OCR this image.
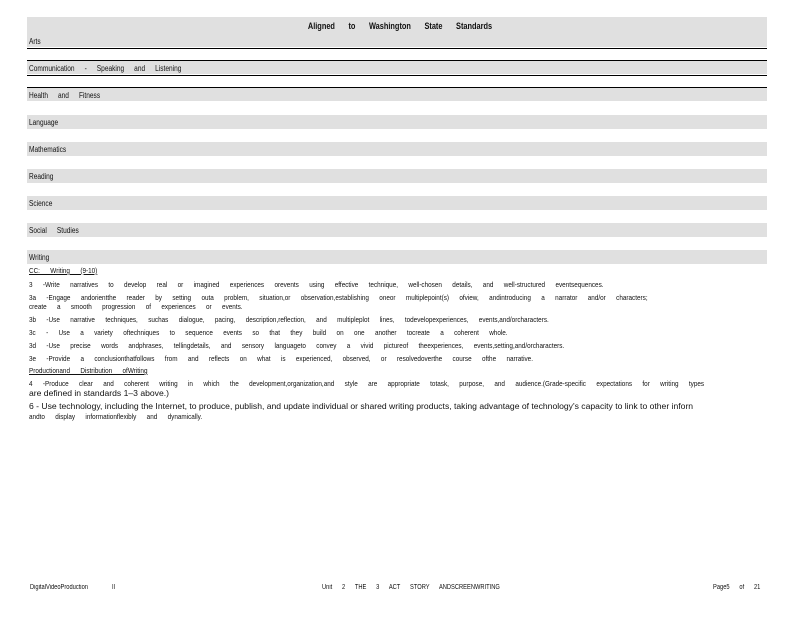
Aligned to Washington State Standards
Arts
Communication - Speaking and Listening
Health and Fitness
Language
Mathematics
Reading
Science
Social Studies
Writing
CC: Writing (9-10)
3 -Write narratives to develop real or imagined experiences orevents using effective technique, well-chosen details, and well-structured eventsequences.
3a -Engage andorientthe reader by setting outa problem, situation,or observation,establishing oneor multiplepoint(s) ofview, andintroducing a narrator and/or characters;
create a smooth progression of experiences or events.
3b -Use narrative techniques, suchas dialogue, pacing, description,reflection, and multipleplot lines, todevelopexperiences, events,and/orcharacters.
3c - Use a variety oftechniques to sequence events so that they build on one another tocreate a coherent whole.
3d -Use precise words andphrases, tellingdetails, and sensory languageto convey a vivid pictureof theexperiences, events,setting,and/orcharacters.
3e -Provide a conclusionthatfollows from and reflects on what is experienced, observed, or resolvedoverthe course ofthe narrative.
Productionand Distribution ofWriting
4 -Produce clear and coherent writing in which the development,organization,and style are appropriate totask, purpose, and audience.(Grade-specific expectations for writing types
are defined in standards 1–3 above.)
6 - Use technology, including the Internet, to produce, publish, and update individual or shared writing products, taking advantage of technology's capacity to link to other inforn
andto display informationflexibly and dynamically.
DigitalVideoProduction	II	Unit 2 THE 3 ACT STORY ANDSCREENWRITING	Page5 of 21
